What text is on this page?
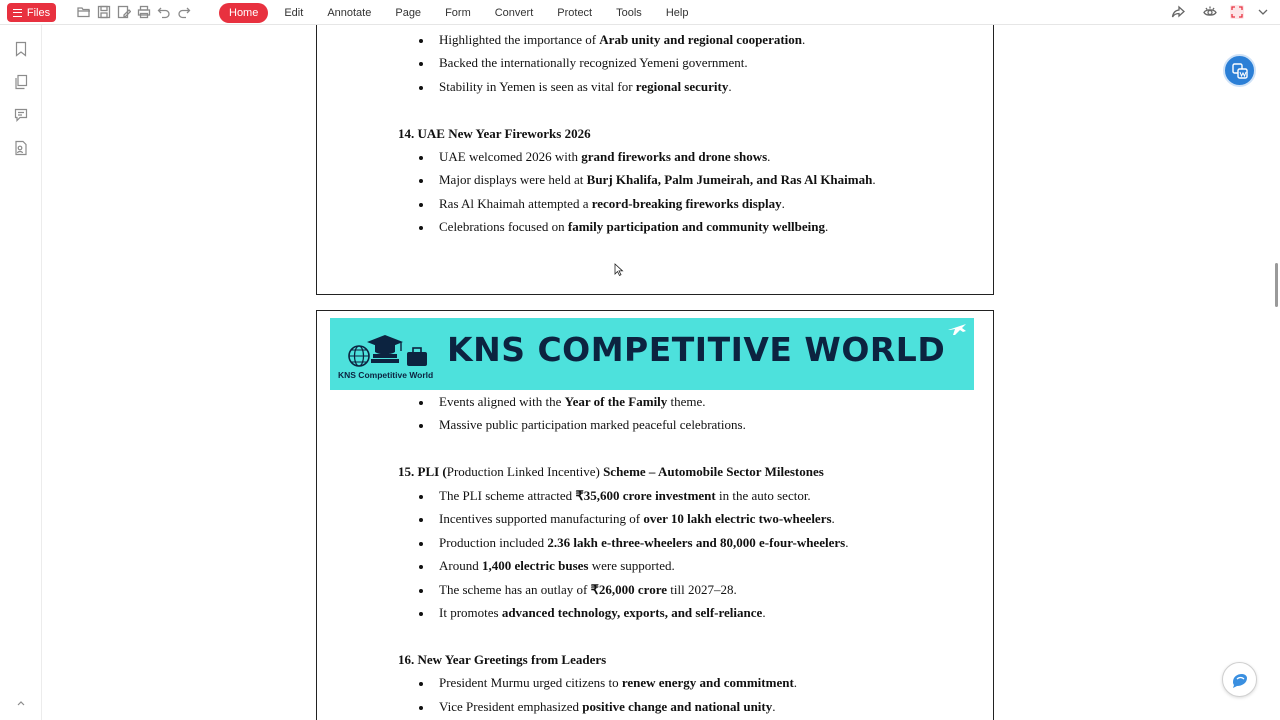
Files	Home	Edit Annotate Page Form Convert Protect Tools Help
Highlighted the importance of Arab unity and regional cooperation.
Backed the internationally recognized Yemeni government.
Stability in Yemen is seen as vital for regional security.
14. UAE New Year Fireworks 2026
UAE welcomed 2026 with grand fireworks and drone shows.
Major displays were held at Burj Khalifa, Palm Jumeirah, and Ras Al Khaimah.
Ras Al Khaimah attempted a record-breaking fireworks display.
Celebrations focused on family participation and community wellbeing.
KNS Competitive World
KNS COMPETITIVE WORLD
Events aligned with the Year of the Family theme.
Massive public participation marked peaceful celebrations.
15. PLI (Production Linked Incentive) Scheme – Automobile Sector Milestones
The PLI scheme attracted ₹35,600 crore investment in the auto sector.
Incentives supported manufacturing of over 10 lakh electric two-wheelers.
Production included 2.36 lakh e-three-wheelers and 80,000 e-four-wheelers.
Around 1,400 electric buses were supported.
The scheme has an outlay of ₹26,000 crore till 2027–28.
It promotes advanced technology, exports, and self-reliance.
16. New Year Greetings from Leaders
President Murmu urged citizens to renew energy and commitment.
Vice President emphasized positive change and national unity.
